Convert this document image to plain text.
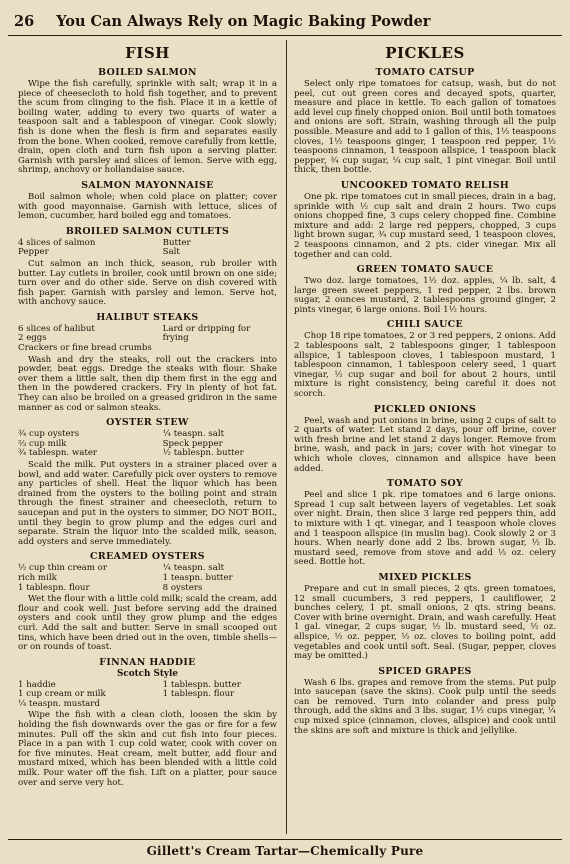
26 You Can Always Rely on Magic Baking Powder
FISH
BOILED SALMON

Wipe the fish carefully, sprinkle with salt; wrap it in a piece of cheesecloth to hold fish together, and to prevent the scum from clinging to the fish. Place it in a kettle of boiling water, adding to every two quarts of water a teaspoon salt and a tablespoon of vinegar. Cook slowly; fish is done when the flesh is firm and separates easily from the bone. When cooked, remove carefully from kettle, drain, open cloth and turn fish upon a serving platter. Garnish with parsley and slices of lemon. Serve with egg, shrimp, anchovy or hollandaise sauce.

SALMON MAYONNAISE

Boil salmon whole; when cold place on platter; cover with good mayonnaise. Garnish with lettuce, slices of lemon, cucumber, hard boiled egg and tomatoes.

BROILED SALMON CUTLETS
4 slices of salmon	Butter
Pepper	Salt

Cut salmon an inch thick, season, rub broiler with butter. Lay cutlets in broiler, cook until brown on one side; turn over and do other side. Serve on dish covered with fish paper. Garnish with parsley and lemon. Serve hot, with anchovy sauce.

HALIBUT STEAKS
6 slices of halibut	Lard or dripping for
2 eggs	frying
Crackers or fine bread crumbs

Wash and dry the steaks, roll out the crackers into powder, beat eggs. Dredge the steaks with flour. Shake over them a little salt, then dip them first in the egg and then in the powdered crackers. Fry in plenty of hot fat. They can also be broiled on a greased gridiron in the same manner as cod or salmon steaks.

OYSTER STEW
¾ cup oysters	¼ teaspn. salt
⅔ cup milk	Speck pepper
¾ tablespn. water	½ tablespn. butter

Scald the milk. Put oysters in a strainer placed over a bowl, and add water. Carefully pick over oysters to remove any particles of shell. Heat the liquor which has been drained from the oysters to the boiling point and strain through the finest strainer and cheesecloth, return to saucepan and put in the oysters to simmer, DO NOT BOIL, until they begin to grow plump and the edges curl and separate. Strain the liquor into the scalded milk, season, add oysters and serve immediately.

CREAMED OYSTERS
½ cup thin cream or	¼ teaspn. salt
rich milk	1 teaspn. butter
1 tablespn. flour	8 oysters

Wet the flour with a little cold milk; scald the cream, add flour and cook well. Just before serving add the drained oysters and cook until they grow plump and the edges curl. Add the salt and butter. Serve in small scooped out tins, which have been dried out in the oven, timble shells—or on rounds of toast.

FINNAN HADDIE
Scotch Style
1 haddie	1 tablespn. butter
1 cup cream or milk	1 tablespn. flour
¼ teaspn. mustard

Wipe the fish with a clean cloth, loosen the skin by holding the fish downwards over the gas or fire for a few minutes. Pull off the skin and cut fish into four pieces. Place in a pan with 1 cup cold water, cook with cover on for five minutes. Heat cream, melt butter, add flour and mustard mixed, which has been blended with a little cold milk. Pour water off the fish. Lift on a platter, pour sauce over and serve very hot.

PICKLES
TOMATO CATSUP

Select only ripe tomatoes for catsup, wash, but do not peel, cut out green cores and decayed spots, quarter, measure and place in kettle. To each gallon of tomatoes add level cup finely chopped onion. Boil until both tomatoes and onions are soft. Strain, washing through all the pulp possible. Measure and add to 1 gallon of this, 1½ teaspoons cloves, 1½ teaspoons ginger, 1 teaspoon red pepper, 1½ teaspoons cinnamon, 1 teaspoon allspice, 1 teaspoon black pepper, ¾ cup sugar, ¼ cup salt, 1 pint vinegar. Boil until thick, then bottle.

UNCOOKED TOMATO RELISH

One pk. ripe tomatoes cut in small pieces, drain in a bag, sprinkle with ½ cup salt and drain 2 hours. Two cups onions chopped fine, 3 cups celery chopped fine. Combine mixture and add: 2 large red peppers, chopped, 3 cups light brown sugar, ¾ cup mustard seed, 1 teaspoon cloves, 2 teaspoons cinnamon, and 2 pts. cider vinegar. Mix all together and can cold.

GREEN TOMATO SAUCE

Two doz. large tomatoes, 1½ doz. apples, ¼ lb. salt, 4 large green sweet peppers, 1 red pepper, 2 lbs. brown sugar, 2 ounces mustard, 2 tablespoons ground ginger, 2 pints vinegar, 6 large onions. Boil 1½ hours.

CHILI SAUCE

Chop 18 ripe tomatoes, 2 or 3 red peppers, 2 onions. Add 2 tablespoons salt, 2 tablespoons ginger, 1 tablespoon allspice, 1 tablespoon cloves, 1 tablespoon mustard, 1 tablespoon cinnamon, 1 tablespoon celery seed, 1 quart vinegar, ½ cup sugar and boil for about 2 hours, until mixture is right consistency, being careful it does not scorch.

PICKLED ONIONS

Peel, wash and put onions in brine, using 2 cups of salt to 2 quarts of water. Let stand 2 days, pour off brine, cover with fresh brine and let stand 2 days longer. Remove from brine, wash, and pack in jars; cover with hot vinegar to which whole cloves, cinnamon and allspice have been added.

TOMATO SOY

Peel and slice 1 pk. ripe tomatoes and 6 large onions. Spread 1 cup salt between layers of vegetables. Let soak over night. Drain, then slice 3 large red peppers thin, add to mixture with 1 qt. vinegar, and 1 teaspoon whole cloves and 1 teaspoon allspice (in muslin bag). Cook slowly 2 or 3 hours. When nearly done add 2 lbs. brown sugar, ½ lb. mustard seed, remove from stove and add ½ oz. celery seed. Bottle hot.

MIXED PICKLES

Prepare and cut in small pieces, 2 qts. green tomatoes, 12 small cucumbers, 3 red peppers, 1 cauliflower, 2 bunches celery, 1 pt. small onions, 2 qts. string beans. Cover with brine overnight. Drain, and wash carefully. Heat 1 gal. vinegar, 2 cups sugar, ½ lb. mustard seed, ½ oz. allspice, ½ oz. pepper, ½ oz. cloves to boiling point, add vegetables and cook until soft. Seal. (Sugar, pepper, cloves may be omitted.)

SPICED GRAPES

Wash 6 lbs. grapes and remove from the stems. Put pulp into saucepan (save the skins). Cook pulp until the seeds can be removed. Turn into colander and press pulp through, add the skins and 3 lbs. sugar, 1½ cups vinegar, ¼ cup mixed spice (cinnamon, cloves, allspice) and cook until the skins are soft and mixture is thick and jellylike.

Gillett's Cream Tartar—Chemically Pure
